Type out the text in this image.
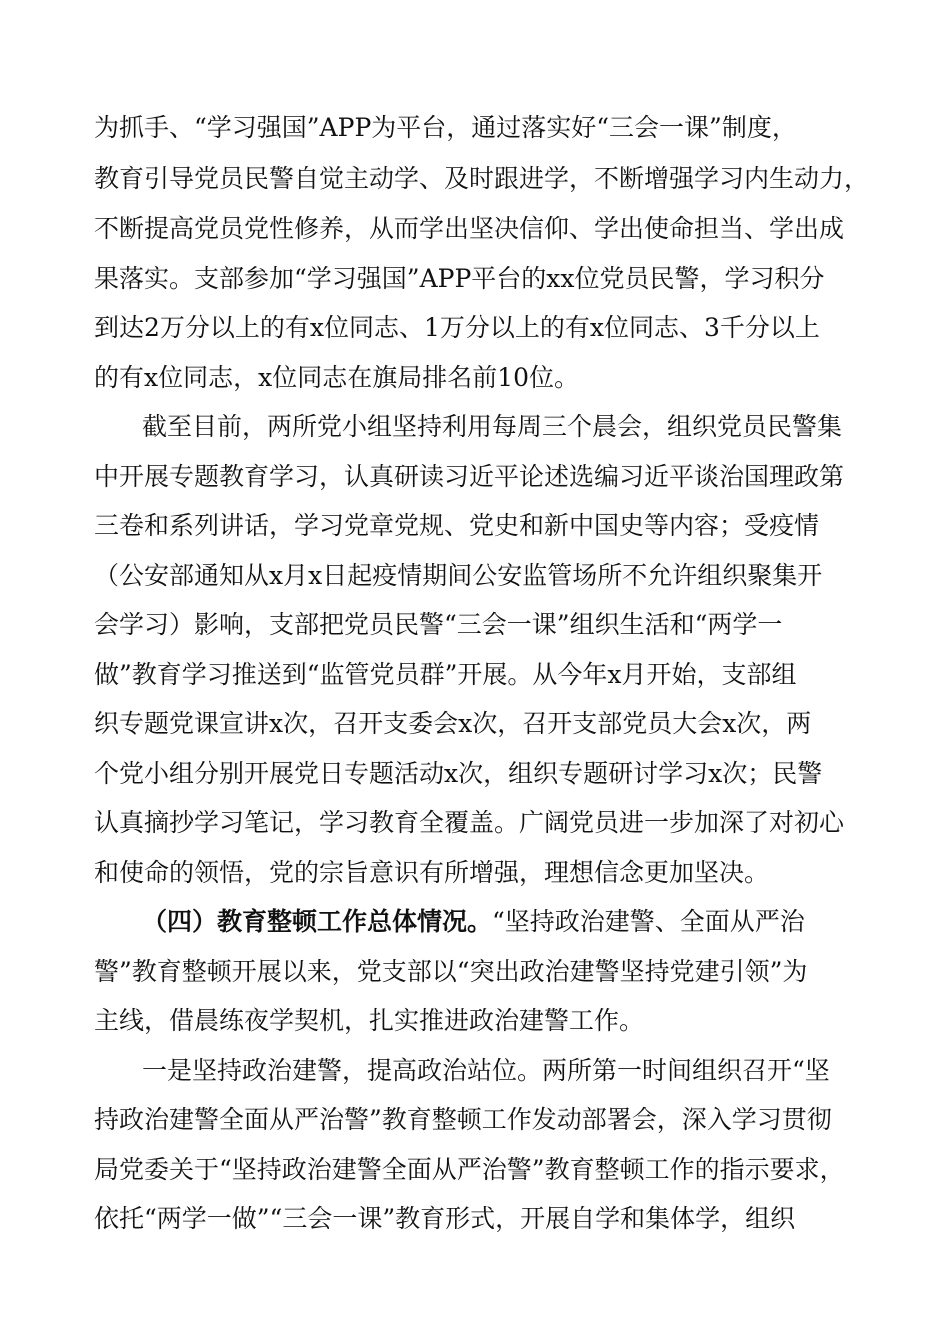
为抓手、“学习强国”APP为平台，通过落实好“三会一课”制度，
教育引导党员民警自觉主动学、及时跟进学，不断增强学习内生动力，
不断提高党员党性修养，从而学出坚决信仰、学出使命担当、学出成
果落实。支部参加“学习强国”APP平台的xx位党员民警，学习积分
到达2万分以上的有x位同志、1万分以上的有x位同志、3千分以上
的有x位同志，x位同志在旗局排名前10位。
截至目前，两所党小组坚持利用每周三个晨会，组织党员民警集
中开展专题教育学习，认真研读习近平论述选编习近平谈治国理政第
三卷和系列讲话，学习党章党规、党史和新中国史等内容；受疫情
（公安部通知从x月x日起疫情期间公安监管场所不允许组织聚集开
会学习）影响，支部把党员民警“三会一课”组织生活和“两学一
做”教育学习推送到“监管党员群”开展。从今年x月开始，支部组
织专题党课宣讲x次，召开支委会x次，召开支部党员大会x次，两
个党小组分别开展党日专题活动x次，组织专题研讨学习x次；民警
认真摘抄学习笔记，学习教育全覆盖。广阔党员进一步加深了对初心
和使命的领悟，党的宗旨意识有所增强，理想信念更加坚决。
（四）教育整顿工作总体情况。“坚持政治建警、全面从严治
警”教育整顿开展以来，党支部以“突出政治建警坚持党建引领”为
主线，借晨练夜学契机，扎实推进政治建警工作。
一是坚持政治建警，提高政治站位。两所第一时间组织召开“坚
持政治建警全面从严治警”教育整顿工作发动部署会，深入学习贯彻
局党委关于“坚持政治建警全面从严治警”教育整顿工作的指示要求，
依托“两学一做”“三会一课”教育形式，开展自学和集体学，组织
